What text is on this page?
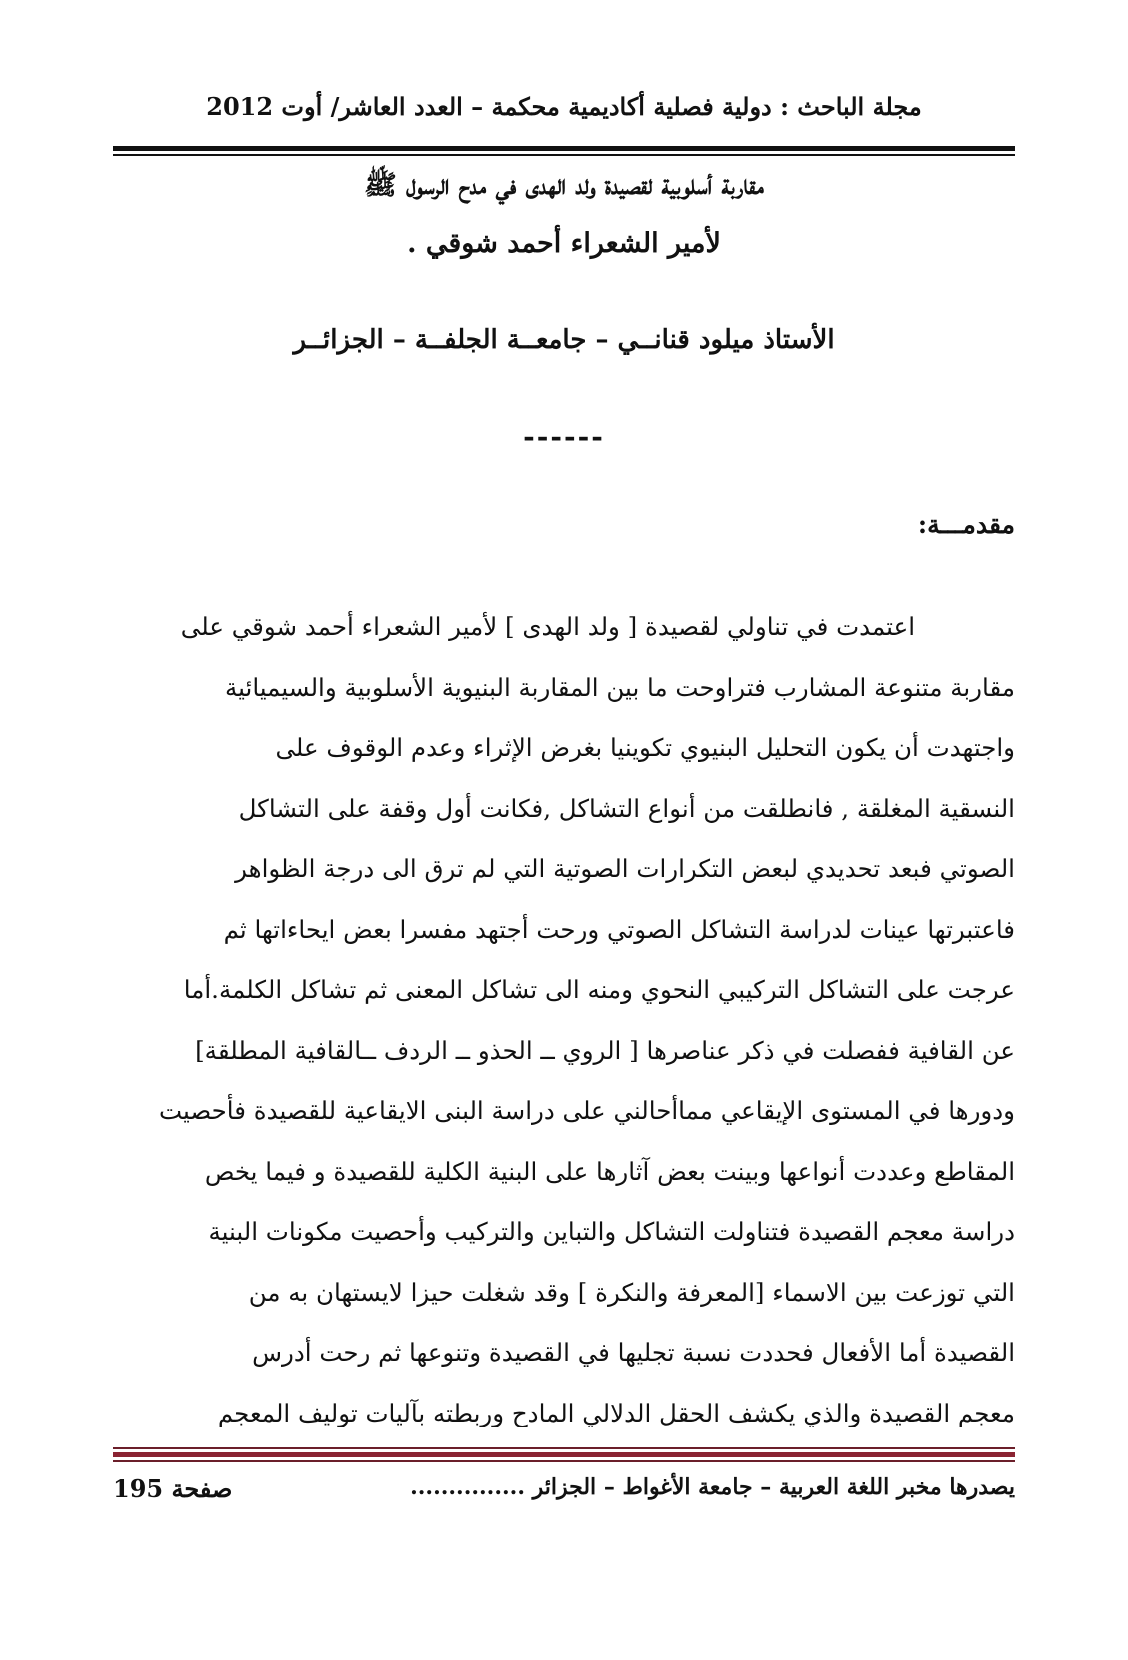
مجلة الباحث : دولية فصلية أكاديمية محكمة – العدد العاشر/ أوت 2012
مقاربة أسلوبية لقصيدة ولد الهدى في مدح الرسول ﷺ
لأمير الشعراء أحمد شوقي .
الأستاذ ميلود قنانــي – جامعــة الجلفــة – الجزائــر
------
مقدمـــة:
اعتمدت في تناولي لقصيدة [ ولد الهدى ] لأمير الشعراء أحمد شوقي على
مقاربة متنوعة المشارب فتراوحت ما بين المقاربة البنيوية الأسلوبية والسيميائية
واجتهدت أن يكون التحليل البنيوي تكوينيا بغرض الإثراء وعدم الوقوف على
النسقية المغلقة , فانطلقت من أنواع التشاكل ,فكانت أول وقفة على التشاكل
الصوتي فبعد تحديدي لبعض التكرارات الصوتية التي لم ترق الى درجة الظواهر
فاعتبرتها عينات لدراسة التشاكل الصوتي ورحت أجتهد مفسرا بعض ايحاءاتها ثم
عرجت على التشاكل التركيبي النحوي ومنه الى تشاكل المعنى ثم تشاكل الكلمة.أما
عن القافية ففصلت في ذكر عناصرها [ الروي ــ الحذو ــ الردف ــالقافية المطلقة]
ودورها في المستوى الإيقاعي مماأحالني على دراسة البنى الايقاعية للقصيدة فأحصيت
المقاطع وعددت أنواعها وبينت بعض آثارها على البنية الكلية للقصيدة و فيما يخص
دراسة معجم القصيدة فتناولت التشاكل والتباين والتركيب وأحصيت مكونات البنية
التي توزعت بين الاسماء [المعرفة والنكرة ] وقد شغلت حيزا لايستهان به من
القصيدة أما الأفعال فحددت نسبة تجليها في القصيدة وتنوعها ثم رحت أدرس
معجم القصيدة والذي يكشف الحقل الدلالي المادح وربطته بآليات توليف المعجم
صفحة 195	يصدرها مخبر اللغة العربية – جامعة الأغواط – الجزائر ...............
